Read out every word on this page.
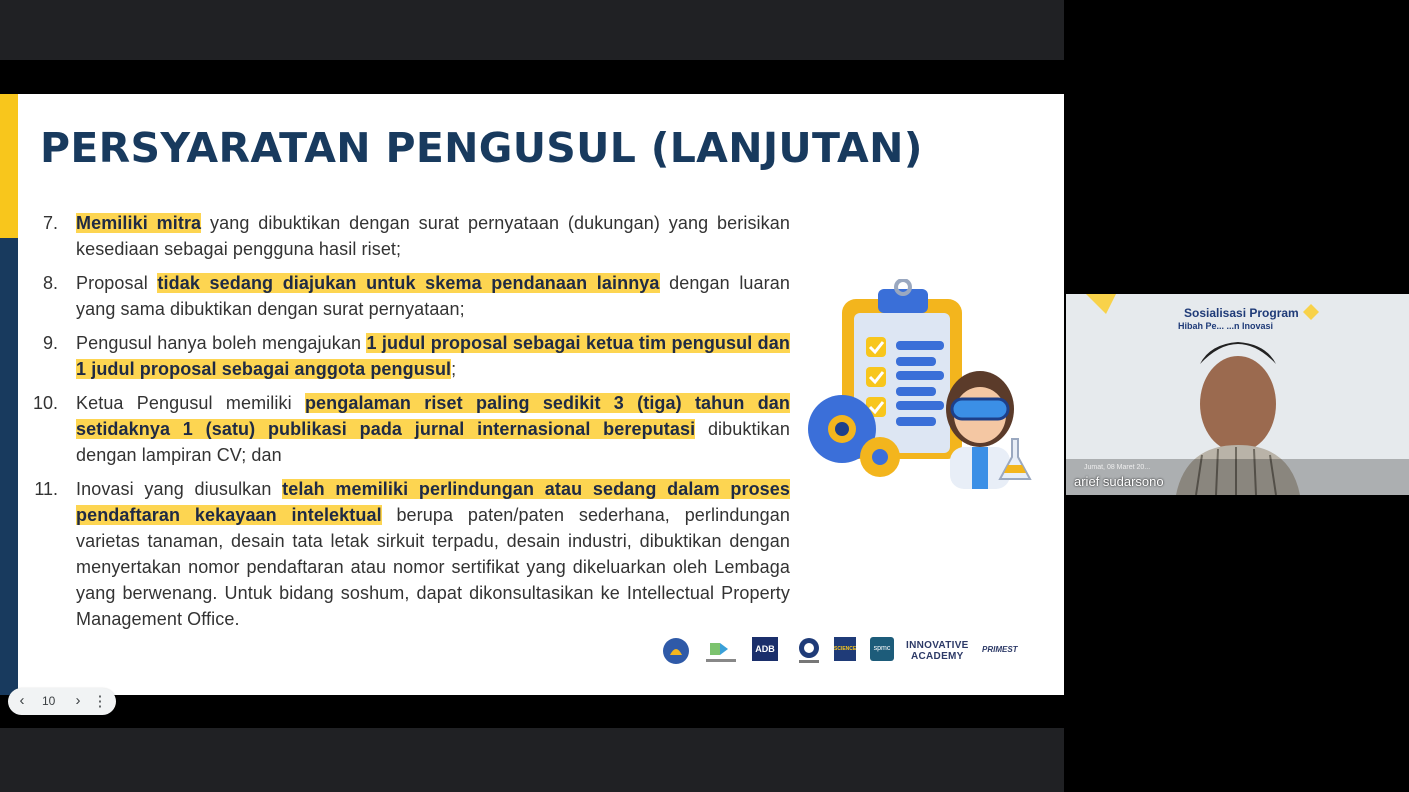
PERSYARATAN PENGUSUL (LANJUTAN)
7. Memiliki mitra yang dibuktikan dengan surat pernyataan (dukungan) yang berisikan kesediaan sebagai pengguna hasil riset;
8. Proposal tidak sedang diajukan untuk skema pendanaan lainnya dengan luaran yang sama dibuktikan dengan surat pernyataan;
9. Pengusul hanya boleh mengajukan 1 judul proposal sebagai ketua tim pengusul dan 1 judul proposal sebagai anggota pengusul;
10. Ketua Pengusul memiliki pengalaman riset paling sedikit 3 (tiga) tahun dan setidaknya 1 (satu) publikasi pada jurnal internasional bereputasi dibuktikan dengan lampiran CV; dan
11. Inovasi yang diusulkan telah memiliki perlindungan atau sedang dalam proses pendaftaran kekayaan intelektual berupa paten/paten sederhana, perlindungan varietas tanaman, desain tata letak sirkuit terpadu, desain industri, dibuktikan dengan menyertakan nomor pendaftaran atau nomor sertifikat yang dikeluarkan oleh Lembaga yang berwenang. Untuk bidang soshum, dapat dikonsultasikan ke Intellectual Property Management Office.
ADB	SCIENCE	spmc	INNOVATIVE
ACADEMY
PRIMEST
‹	10	› ⋮
Sosialisasi Program
Hibah Pe... ...n Inovasi
Jumat, 08 Maret 20...
arief sudarsono
